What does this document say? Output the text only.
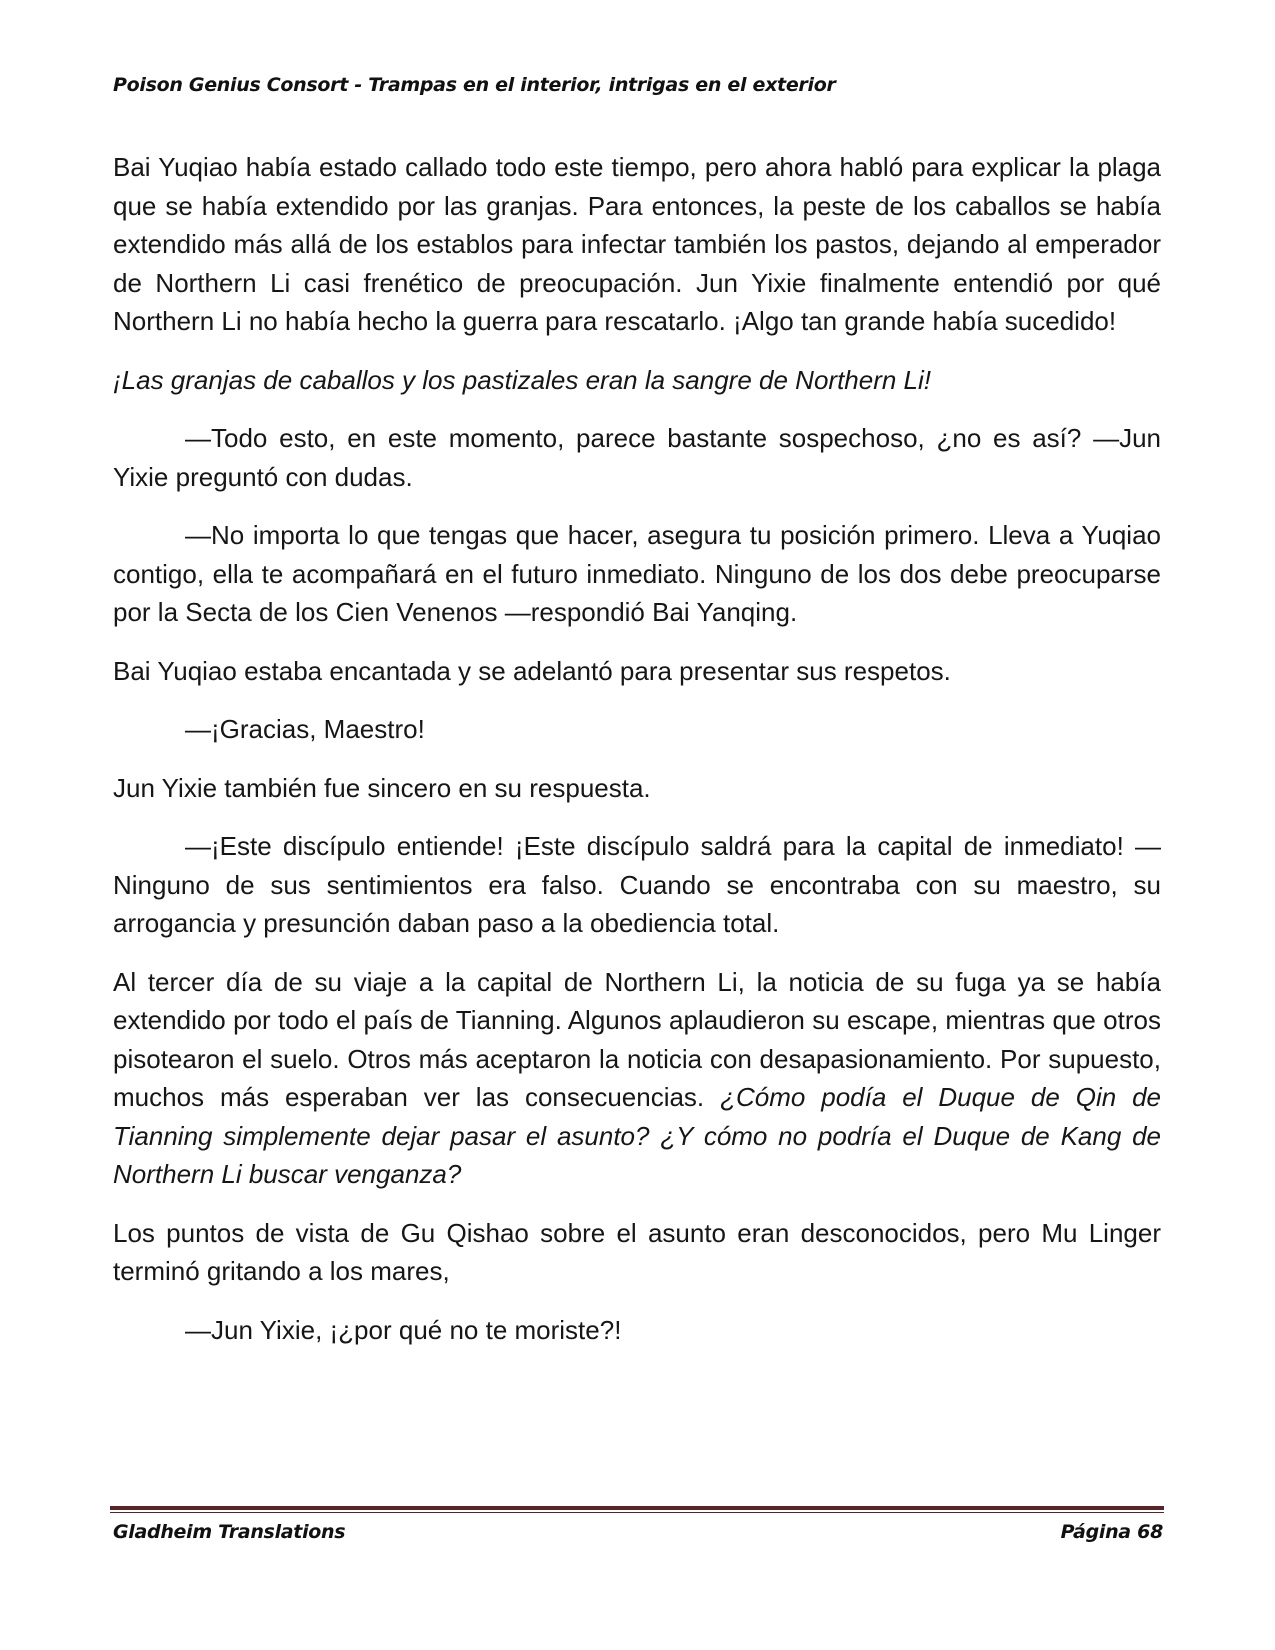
Poison Genius Consort - Trampas en el interior, intrigas en el exterior

Bai Yuqiao había estado callado todo este tiempo, pero ahora habló para explicar la plaga que se había extendido por las granjas. Para entonces, la peste de los caballos se había extendido más allá de los establos para infectar también los pastos, dejando al emperador de Northern Li casi frenético de preocupación. Jun Yixie finalmente entendió por qué Northern Li no había hecho la guerra para rescatarlo. ¡Algo tan grande había sucedido!

¡Las granjas de caballos y los pastizales eran la sangre de Northern Li!

—Todo esto, en este momento, parece bastante sospechoso, ¿no es así? —Jun Yixie preguntó con dudas.

—No importa lo que tengas que hacer, asegura tu posición primero. Lleva a Yuqiao contigo, ella te acompañará en el futuro inmediato. Ninguno de los dos debe preocuparse por la Secta de los Cien Venenos —respondió Bai Yanqing.

Bai Yuqiao estaba encantada y se adelantó para presentar sus respetos.

—¡Gracias, Maestro!

Jun Yixie también fue sincero en su respuesta.

—¡Este discípulo entiende! ¡Este discípulo saldrá para la capital de inmediato! —Ninguno de sus sentimientos era falso. Cuando se encontraba con su maestro, su arrogancia y presunción daban paso a la obediencia total.

Al tercer día de su viaje a la capital de Northern Li, la noticia de su fuga ya se había extendido por todo el país de Tianning. Algunos aplaudieron su escape, mientras que otros pisotearon el suelo. Otros más aceptaron la noticia con desapasionamiento. Por supuesto, muchos más esperaban ver las consecuencias. ¿Cómo podía el Duque de Qin de Tianning simplemente dejar pasar el asunto? ¿Y cómo no podría el Duque de Kang de Northern Li buscar venganza?

Los puntos de vista de Gu Qishao sobre el asunto eran desconocidos, pero Mu Linger terminó gritando a los mares,

—Jun Yixie, ¡¿por qué no te moriste?!

Gladheim Translations	Página 68
